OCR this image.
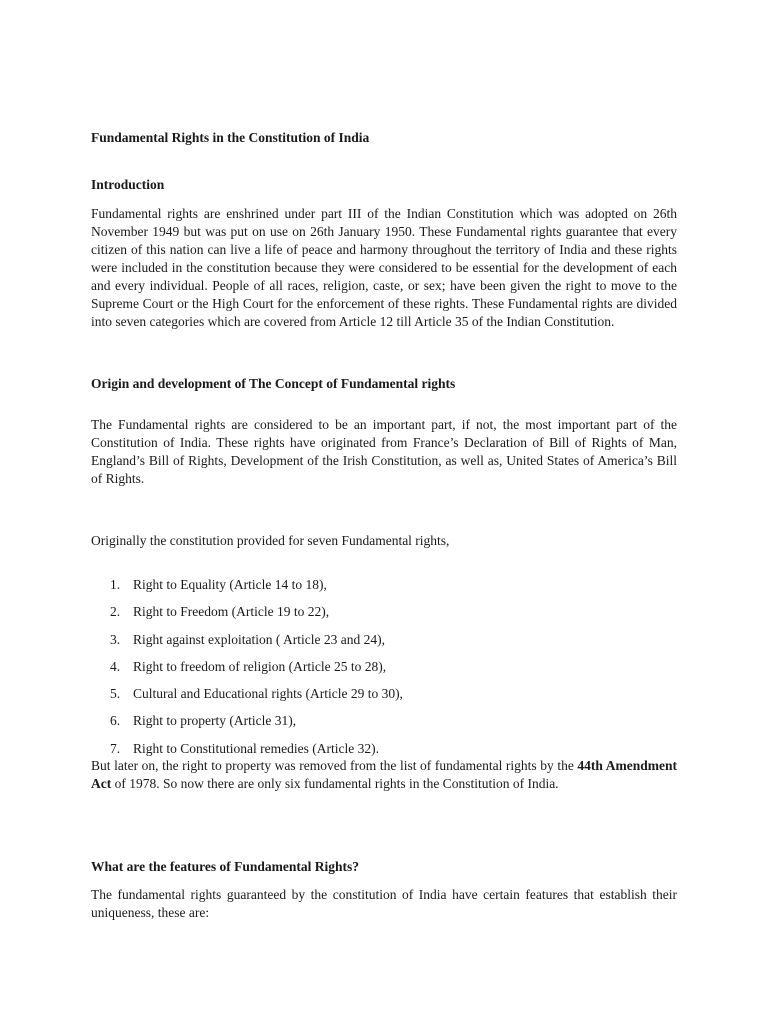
Fundamental Rights in the Constitution of India
Introduction
Fundamental rights are enshrined under part III of the Indian Constitution which was adopted on 26th November 1949 but was put on use on 26th January 1950. These Fundamental rights guarantee that every citizen of this nation can live a life of peace and harmony throughout the territory of India and these rights were included in the constitution because they were considered to be essential for the development of each and every individual. People of all races, religion, caste, or sex; have been given the right to move to the Supreme Court or the High Court for the enforcement of these rights. These Fundamental rights are divided into seven categories which are covered from Article 12 till Article 35 of the Indian Constitution.
Origin and development of The Concept of Fundamental rights
The Fundamental rights are considered to be an important part, if not, the most important part of the Constitution of India. These rights have originated from France’s Declaration of Bill of Rights of Man, England’s Bill of Rights, Development of the Irish Constitution, as well as, United States of America’s Bill of Rights.
Originally the constitution provided for seven Fundamental rights,
1. Right to Equality (Article 14 to 18),
2. Right to Freedom (Article 19 to 22),
3. Right against exploitation ( Article 23 and 24),
4. Right to freedom of religion (Article 25 to 28),
5. Cultural and Educational rights (Article 29 to 30),
6. Right to property (Article 31),
7. Right to Constitutional remedies (Article 32).
But later on, the right to property was removed from the list of fundamental rights by the 44th Amendment Act of 1978. So now there are only six fundamental rights in the Constitution of India.
What are the features of Fundamental Rights?
The fundamental rights guaranteed by the constitution of India have certain features that establish their uniqueness, these are:
